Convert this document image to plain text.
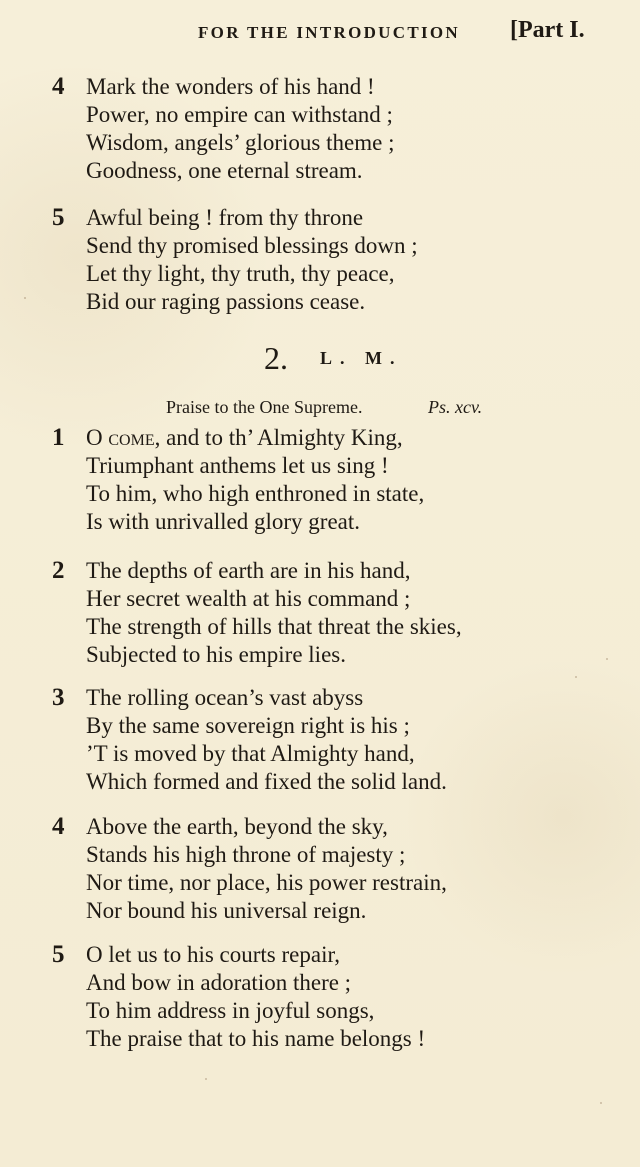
FOR THE INTRODUCTION [Part I.
4 Mark the wonders of his hand !
Power, no empire can withstand ;
Wisdom, angels’ glorious theme ;
Goodness, one eternal stream.
5 Awful being ! from thy throne
Send thy promised blessings down ;
Let thy light, thy truth, thy peace,
Bid our raging passions cease.
2. L. M.
Praise to the One Supreme.	Ps. xcv.
1 O come, and to th’ Almighty King,
Triumphant anthems let us sing !
To him, who high enthroned in state,
Is with unrivalled glory great.
2 The depths of earth are in his hand,
Her secret wealth at his command ;
The strength of hills that threat the skies,
Subjected to his empire lies.
3 The rolling ocean’s vast abyss
By the same sovereign right is his ;
’T is moved by that Almighty hand,
Which formed and fixed the solid land.
4 Above the earth, beyond the sky,
Stands his high throne of majesty ;
Nor time, nor place, his power restrain,
Nor bound his universal reign.
5 O let us to his courts repair,
And bow in adoration there ;
To him address in joyful songs,
The praise that to his name belongs !
